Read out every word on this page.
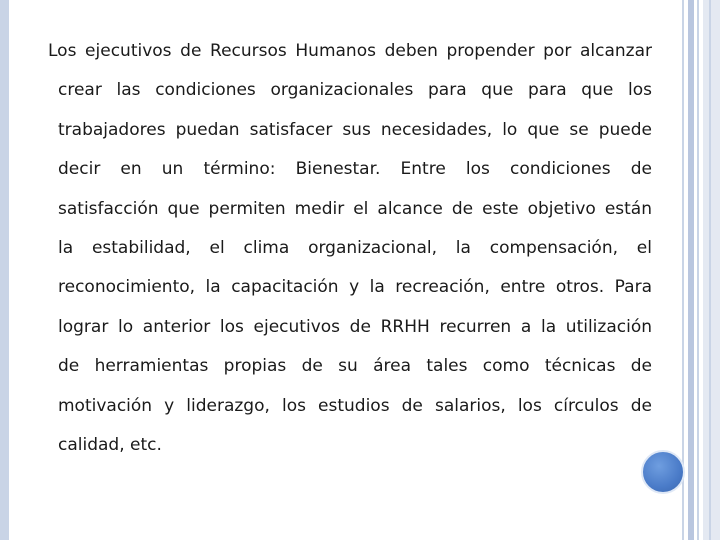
Los ejecutivos de Recursos Humanos deben propender por alcanzar
crear las condiciones organizacionales para que para que los
trabajadores puedan satisfacer sus necesidades, lo que se puede
decir en un término: Bienestar. Entre los condiciones de
satisfacción que permiten medir el alcance de este objetivo están
la estabilidad, el clima organizacional, la compensación, el
reconocimiento, la capacitación y la recreación, entre otros. Para
lograr lo anterior los ejecutivos de RRHH recurren a la utilización
de herramientas propias de su área tales como técnicas de
motivación y liderazgo, los estudios de salarios, los círculos de
calidad, etc.
